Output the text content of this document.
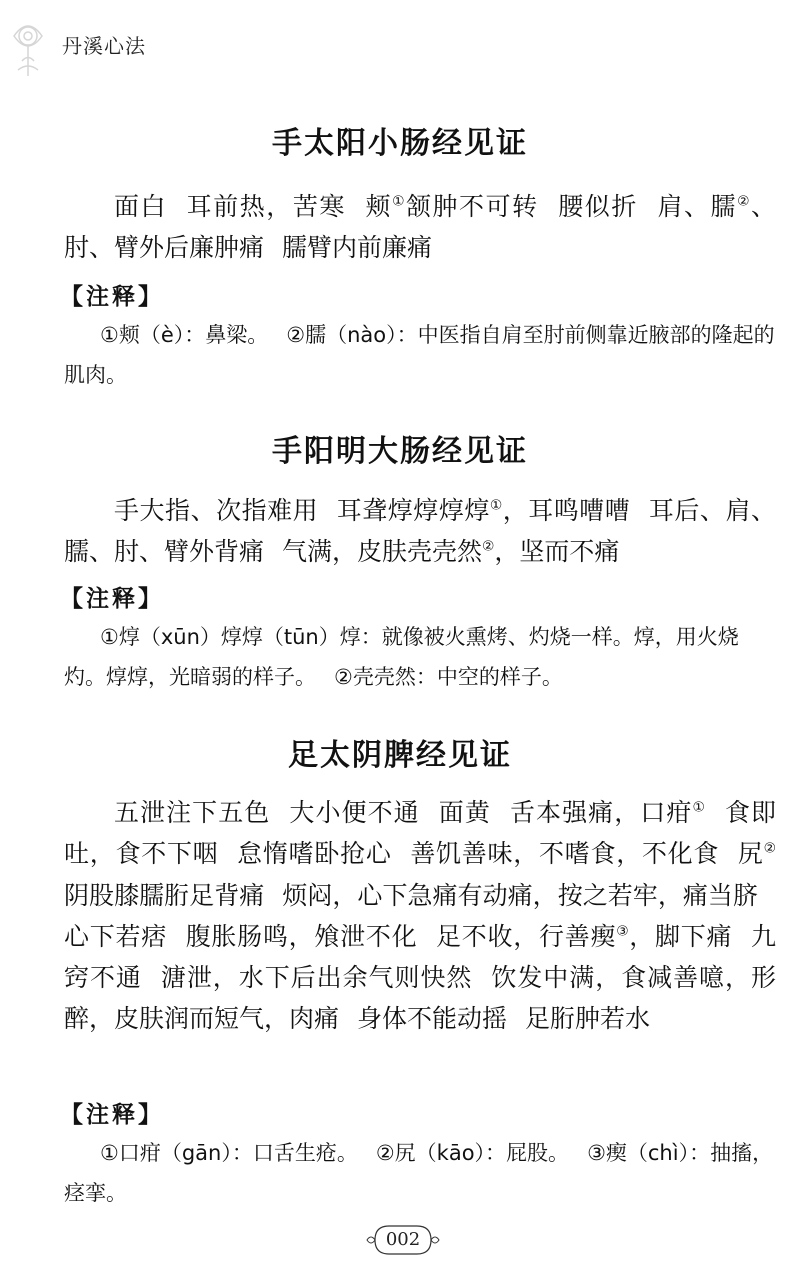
丹溪心法
手太阳小肠经见证
面白 耳前热，苦寒 颊①颔肿不可转 腰似折 肩、臑②、肘、臂外后廉肿痛 臑臂内前廉痛
【注释】
①颊（è）：鼻梁。 ②臑（nào）：中医指自肩至肘前侧靠近腋部的隆起的肌肉。
手阳明大肠经见证
手大指、次指难用 耳聋焞焞焞焞①，耳鸣嘈嘈 耳后、肩、臑、肘、臂外背痛 气满，皮肤壳壳然②，坚而不痛
【注释】
①焞（xūn）焞焞（tūn）焞：就像被火熏烤、灼烧一样。焞，用火烧灼。焞焞，光暗弱的样子。 ②壳壳然：中空的样子。
足太阴脾经见证
五泄注下五色 大小便不通 面黄 舌本强痛，口疳① 食即吐，食不下咽 怠惰嗜卧抢心 善饥善味，不嗜食，不化食 尻②阴股膝臑胻足背痛 烦闷，心下急痛有动痛，按之若牢，痛当脐心下若痞 腹胀肠鸣，飧泄不化 足不收，行善瘈③，脚下痛 九窍不通 溏泄，水下后出余气则快然 饮发中满，食减善噫，形醉，皮肤润而短气，肉痛 身体不能动摇 足胻肿若水
【注释】
①口疳（gān）：口舌生疮。 ②尻（kāo）：屁股。 ③瘈（chì）：抽搐，痉挛。
002
